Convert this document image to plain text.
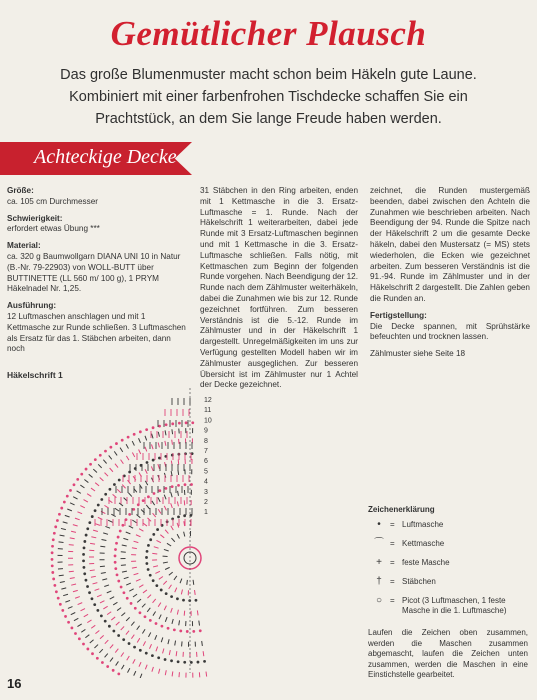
Gemütlicher Plausch
Das große Blumenmuster macht schon beim Häkeln gute Laune.
Kombiniert mit einer farbenfrohen Tischdecke schaffen Sie ein
Prachtstück, an dem Sie lange Freude haben werden.
Achteckige Decke

Größe:
ca. 105 cm Durchmesser

Schwierigkeit:
erfordert etwas Übung ***

Material:
ca. 320 g Baumwollgarn DIANA UNI 10 in Natur (B.-Nr. 79-22903) von WOLL-BUTT über BUTTINETTE (LL 560 m/ 100 g), 1 PRYM Häkelnadel Nr. 1,25.

Ausführung:
12 Luftmaschen anschlagen und mit 1 Kettmasche zur Runde schließen. 3 Luftmaschen als Ersatz für das 1. Stäbchen arbeiten, dann noch

31 Stäbchen in den Ring arbeiten, enden mit 1 Kettmasche in die 3. Ersatz-Luftmasche = 1. Runde. Nach der Häkelschrift 1 weiterarbeiten, dabei jede Runde mit 3 Ersatz-Luftmaschen beginnen und mit 1 Kettmasche in die 3. Ersatz-Luftmasche schließen. Falls nötig, mit Kettmaschen zum Beginn der folgenden Runde vorgehen. Nach Beendigung der 12. Runde nach dem Zählmuster weiterhäkeln, dabei die Zunahmen wie bis zur 12. Runde gezeichnet fortführen. Zum besseren Verständnis ist die 5.-12. Runde im Zählmuster und in der Häkelschrift 1 dargestellt. Unregelmäßigkeiten im uns zur Verfügung gestellten Modell haben wir im Zählmuster ausgeglichen. Zur besseren Übersicht ist im Zählmuster nur 1 Achtel der Decke gezeichnet.

zeichnet, die Runden mustergemäß beenden, dabei zwischen den Achteln die Zunahmen wie beschrieben arbeiten. Nach Beendigung der 94. Runde die Spitze nach der Häkelschrift 2 um die gesamte Decke häkeln, dabei den Mustersatz (= MS) stets wiederholen, die Ecken wie gezeichnet arbeiten. Zum besseren Verständnis ist die 91.-94. Runde im Zählmuster und in der Häkelschrift 2 dargestellt. Die Zahlen geben die Runden an.

Fertigstellung:
Die Decke spannen, mit Sprühstärke befeuchten und trocknen lassen.

Zählmuster siehe Seite 18

Häkelschrift 1
12
11
10
9
8
7
6
5
4
3
2
1	Zeichenerklärung
•	= Luftmasche
⌒ = Kettmasche
+	= feste Masche
†	= Stäbchen
○ = Picot (3 Luftmaschen, 1 feste Masche in die 1. Luftmasche)
Laufen die Zeichen oben zusammen, werden die Maschen zusammen abgemascht, laufen die Zeichen unten zusammen, werden die Maschen in eine Einstichstelle gearbeitet.
16
